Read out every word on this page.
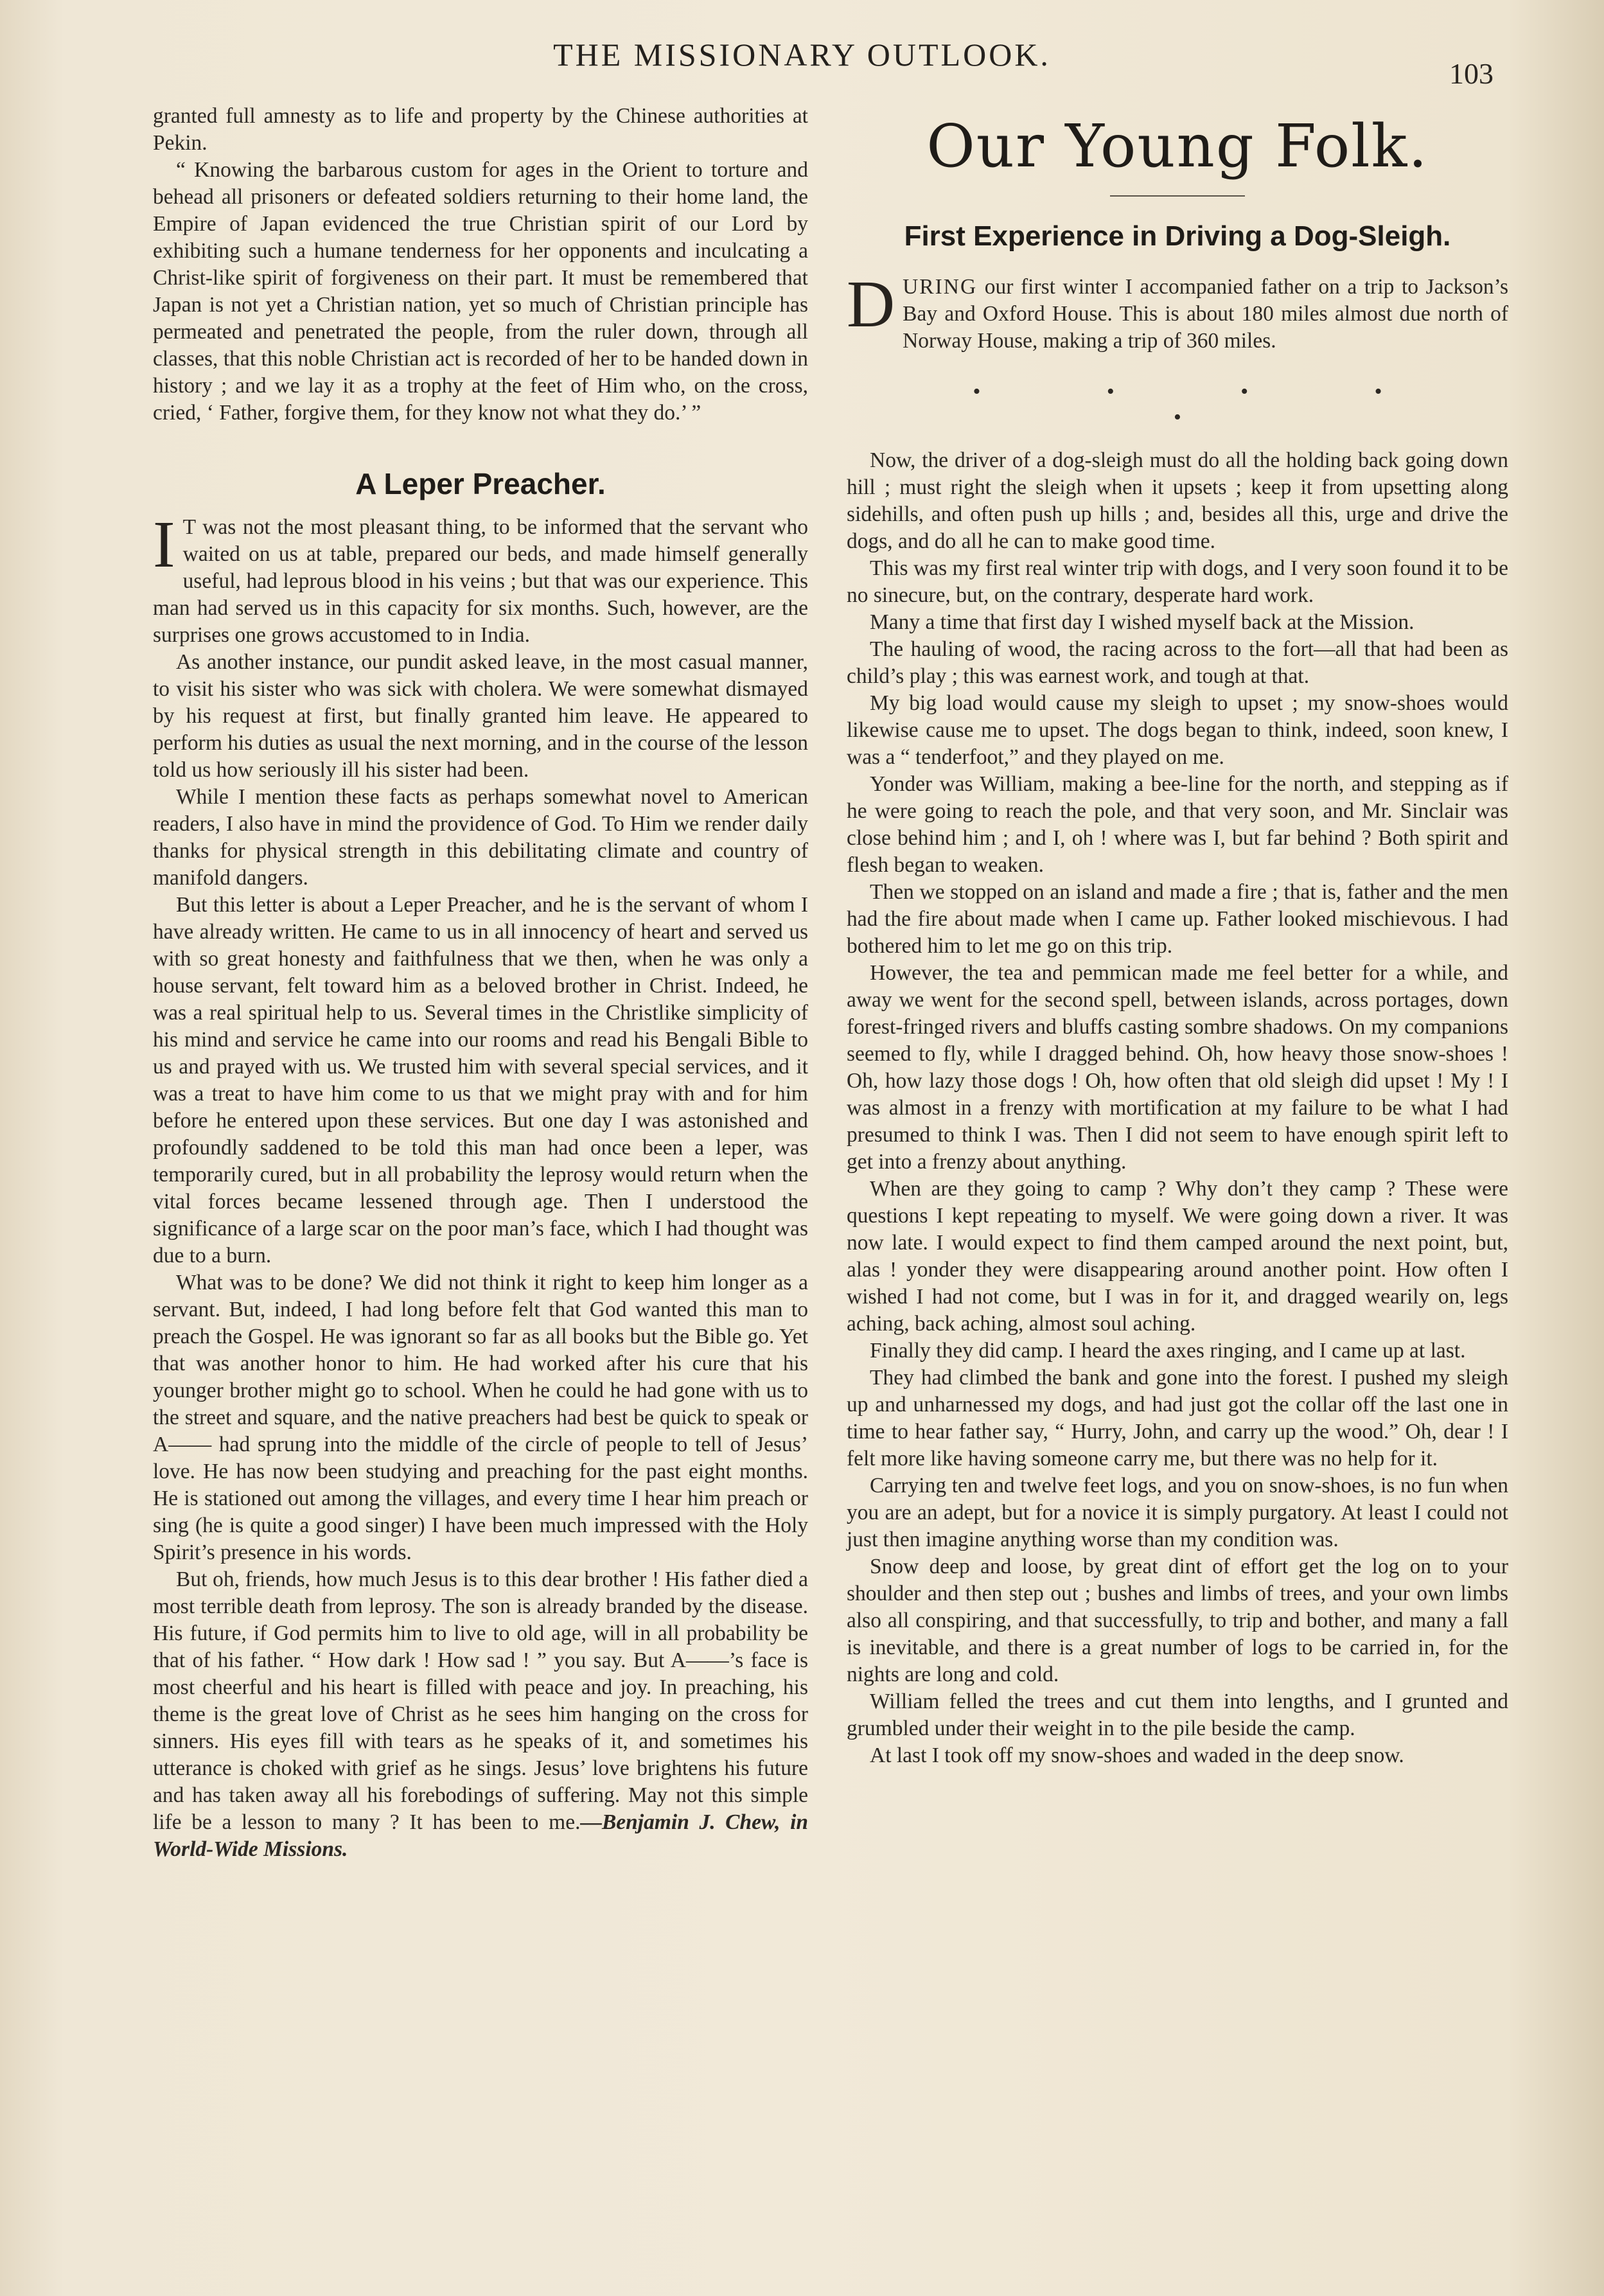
THE MISSIONARY OUTLOOK.
103

granted full amnesty as to life and property by the Chinese authorities at Pekin.

“ Knowing the barbarous custom for ages in the Orient to torture and behead all prisoners or defeated soldiers returning to their home land, the Empire of Japan evidenced the true Christian spirit of our Lord by exhibiting such a humane tenderness for her opponents and inculcating a Christ-like spirit of forgiveness on their part. It must be remembered that Japan is not yet a Christian nation, yet so much of Christian principle has permeated and penetrated the people, from the ruler down, through all classes, that this noble Christian act is recorded of her to be handed down in history ; and we lay it as a trophy at the feet of Him who, on the cross, cried, ‘ Father, forgive them, for they know not what they do.’ ”

A Leper Preacher.

I T was not the most pleasant thing, to be informed that the servant who waited on us at table, prepared our beds, and made himself generally useful, had leprous blood in his veins ; but that was our experience. This man had served us in this capacity for six months. Such, however, are the surprises one grows accustomed to in India.

As another instance, our pundit asked leave, in the most casual manner, to visit his sister who was sick with cholera. We were somewhat dismayed by his request at first, but finally granted him leave. He appeared to perform his duties as usual the next morning, and in the course of the lesson told us how seriously ill his sister had been.

While I mention these facts as perhaps somewhat novel to American readers, I also have in mind the providence of God. To Him we render daily thanks for physical strength in this debilitating climate and country of manifold dangers.

But this letter is about a Leper Preacher, and he is the servant of whom I have already written. He came to us in all innocency of heart and served us with so great honesty and faithfulness that we then, when he was only a house servant, felt toward him as a beloved brother in Christ. Indeed, he was a real spiritual help to us. Several times in the Christlike simplicity of his mind and service he came into our rooms and read his Bengali Bible to us and prayed with us. We trusted him with several special services, and it was a treat to have him come to us that we might pray with and for him before he entered upon these services. But one day I was astonished and profoundly saddened to be told this man had once been a leper, was temporarily cured, but in all probability the leprosy would return when the vital forces became lessened through age. Then I understood the significance of a large scar on the poor man’s face, which I had thought was due to a burn.

What was to be done? We did not think it right to keep him longer as a servant. But, indeed, I had long before felt that God wanted this man to preach the Gospel. He was ignorant so far as all books but the Bible go. Yet that was another honor to him. He had worked after his cure that his younger brother might go to school. When he could he had gone with us to the street and square, and the native preachers had best be quick to speak or A—— had sprung into the middle of the circle of people to tell of Jesus’ love. He has now been studying and preaching for the past eight months. He is stationed out among the villages, and every time I hear him preach or sing (he is quite a good singer) I have been much impressed with the Holy Spirit’s presence in his words.

But oh, friends, how much Jesus is to this dear brother ! His father died a most terrible death from leprosy. The son is already branded by the disease. His future, if God permits him to live to old age, will in all probability be that of his father. “ How dark ! How sad ! ” you say. But A——’s face is most cheerful and his heart is filled with peace and joy. In preaching, his theme is the great love of Christ as he sees him hanging on the cross for sinners. His eyes fill with tears as he speaks of it, and sometimes his utterance is choked with grief as he sings. Jesus’ love brightens his future and has taken away all his forebodings of suffering. May not this simple life be a lesson to many ? It has been to me.—Benjamin J. Chew, in World-Wide Missions.

Our Young Folk.
First Experience in Driving a Dog-Sleigh.

DURING our first winter I accompanied father on a trip to Jackson’s Bay and Oxford House. This is about 180 miles almost due north of Norway House, making a trip of 360 miles.

• • • • •

Now, the driver of a dog-sleigh must do all the holding back going down hill ; must right the sleigh when it upsets ; keep it from upsetting along sidehills, and often push up hills ; and, besides all this, urge and drive the dogs, and do all he can to make good time.

This was my first real winter trip with dogs, and I very soon found it to be no sinecure, but, on the contrary, desperate hard work.

Many a time that first day I wished myself back at the Mission.

The hauling of wood, the racing across to the fort—all that had been as child’s play ; this was earnest work, and tough at that.

My big load would cause my sleigh to upset ; my snow-shoes would likewise cause me to upset. The dogs began to think, indeed, soon knew, I was a “ tenderfoot,” and they played on me.

Yonder was William, making a bee-line for the north, and stepping as if he were going to reach the pole, and that very soon, and Mr. Sinclair was close behind him ; and I, oh ! where was I, but far behind ? Both spirit and flesh began to weaken.

Then we stopped on an island and made a fire ; that is, father and the men had the fire about made when I came up. Father looked mischievous. I had bothered him to let me go on this trip.

However, the tea and pemmican made me feel better for a while, and away we went for the second spell, between islands, across portages, down forest-fringed rivers and bluffs casting sombre shadows. On my companions seemed to fly, while I dragged behind. Oh, how heavy those snow-shoes ! Oh, how lazy those dogs ! Oh, how often that old sleigh did upset ! My ! I was almost in a frenzy with mortification at my failure to be what I had presumed to think I was. Then I did not seem to have enough spirit left to get into a frenzy about anything.

When are they going to camp ? Why don’t they camp ? These were questions I kept repeating to myself. We were going down a river. It was now late. I would expect to find them camped around the next point, but, alas ! yonder they were disappearing around another point. How often I wished I had not come, but I was in for it, and dragged wearily on, legs aching, back aching, almost soul aching.

Finally they did camp. I heard the axes ringing, and I came up at last.

They had climbed the bank and gone into the forest. I pushed my sleigh up and unharnessed my dogs, and had just got the collar off the last one in time to hear father say, “ Hurry, John, and carry up the wood.” Oh, dear ! I felt more like having someone carry me, but there was no help for it.

Carrying ten and twelve feet logs, and you on snow-shoes, is no fun when you are an adept, but for a novice it is simply purgatory. At least I could not just then imagine anything worse than my condition was.

Snow deep and loose, by great dint of effort get the log on to your shoulder and then step out ; bushes and limbs of trees, and your own limbs also all conspiring, and that successfully, to trip and bother, and many a fall is inevitable, and there is a great number of logs to be carried in, for the nights are long and cold.

William felled the trees and cut them into lengths, and I grunted and grumbled under their weight in to the pile beside the camp.

At last I took off my snow-shoes and waded in the deep snow.
